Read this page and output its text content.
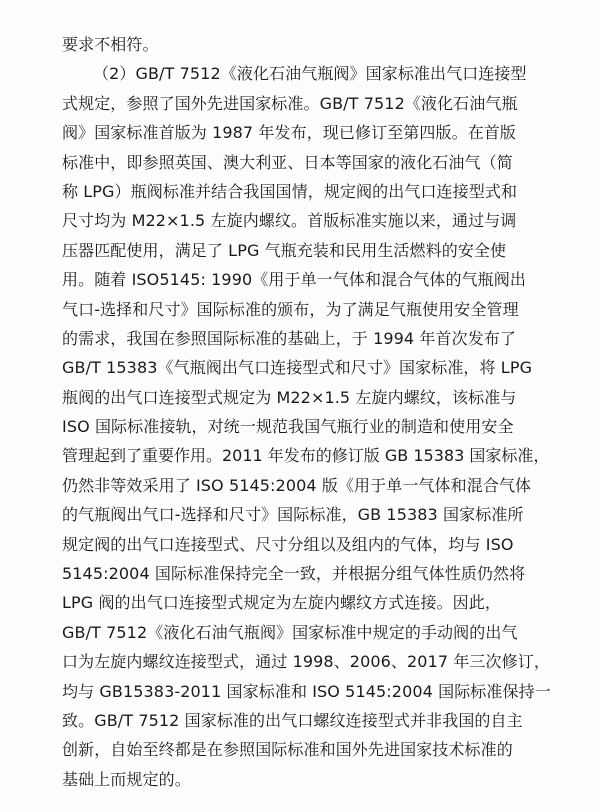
要求不相符。
（2）GB/T 7512《液化石油气瓶阀》国家标准出气口连接型
式规定，参照了国外先进国家标准。GB/T 7512《液化石油气瓶
阀》国家标准首版为 1987 年发布，现已修订至第四版。在首版
标准中，即参照英国、澳大利亚、日本等国家的液化石油气（简
称 LPG）瓶阀标准并结合我国国情，规定阀的出气口连接型式和
尺寸均为 M22×1.5 左旋内螺纹。首版标准实施以来，通过与调
压器匹配使用，满足了 LPG 气瓶充装和民用生活燃料的安全使
用。随着 ISO5145: 1990《用于单一气体和混合气体的气瓶阀出
气口-选择和尺寸》国际标准的颁布，为了满足气瓶使用安全管理
的需求，我国在参照国际标准的基础上，于 1994 年首次发布了
GB/T 15383《气瓶阀出气口连接型式和尺寸》国家标准，将 LPG
瓶阀的出气口连接型式规定为 M22×1.5 左旋内螺纹，该标准与
ISO 国际标准接轨，对统一规范我国气瓶行业的制造和使用安全
管理起到了重要作用。2011 年发布的修订版 GB 15383 国家标准，
仍然非等效采用了 ISO 5145:2004 版《用于单一气体和混合气体
的气瓶阀出气口-选择和尺寸》国际标准，GB 15383 国家标准所
规定阀的出气口连接型式、尺寸分组以及组内的气体，均与 ISO
5145:2004 国际标准保持完全一致，并根据分组气体性质仍然将
LPG 阀的出气口连接型式规定为左旋内螺纹方式连接。因此，
GB/T 7512《液化石油气瓶阀》国家标准中规定的手动阀的出气
口为左旋内螺纹连接型式，通过 1998、2006、2017 年三次修订，
均与 GB15383-2011 国家标准和 ISO 5145:2004 国际标准保持一
致。GB/T 7512 国家标准的出气口螺纹连接型式并非我国的自主
创新，自始至终都是在参照国际标准和国外先进国家技术标准的
基础上而规定的。
